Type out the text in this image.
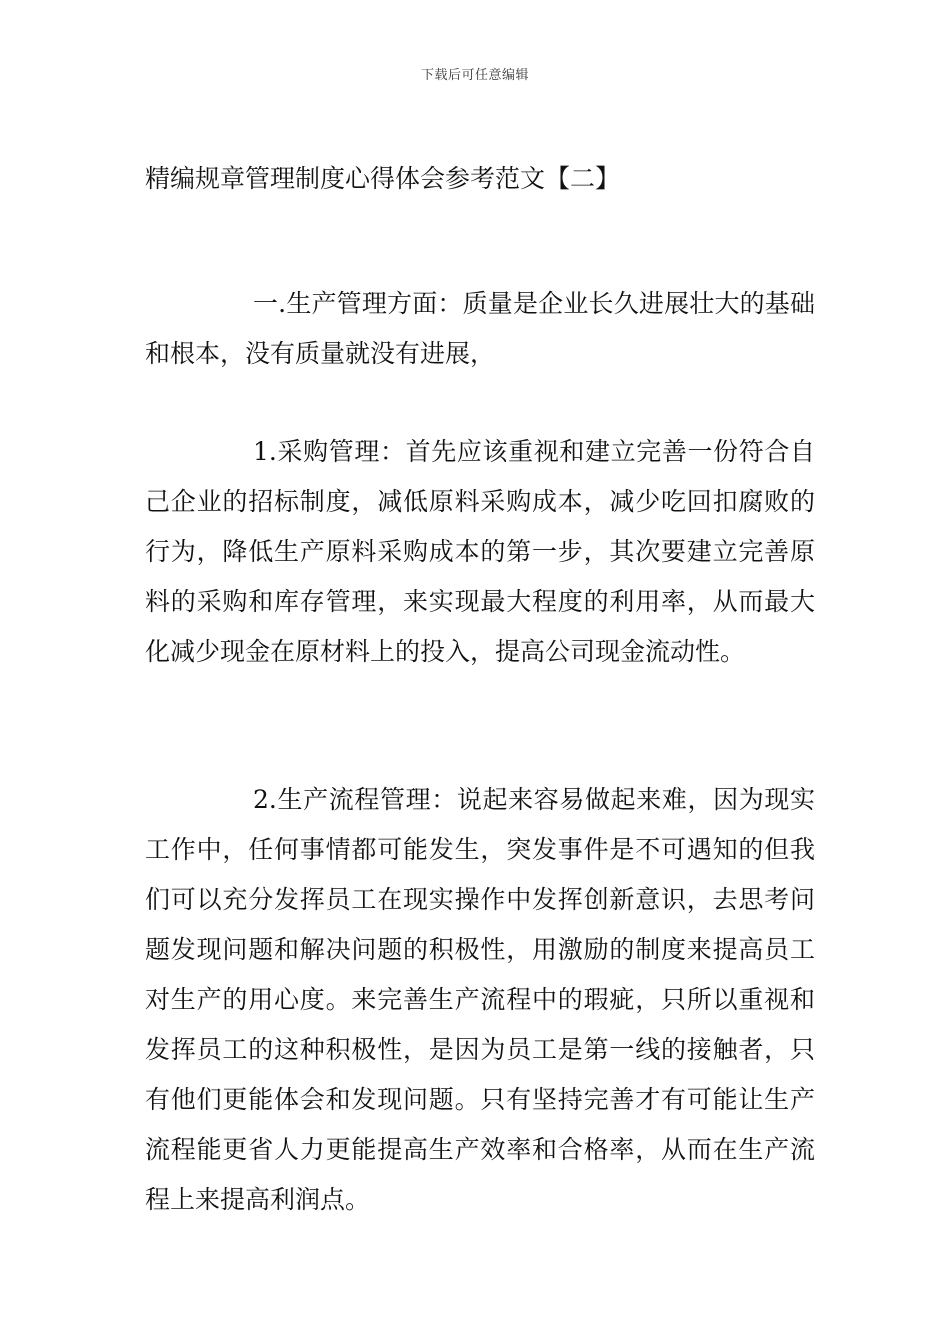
下载后可任意编辑
精编规章管理制度心得体会参考范文【二】

一.生产管理方面：质量是企业长久进展壮大的基础和根本，没有质量就没有进展，

1.采购管理：首先应该重视和建立完善一份符合自己企业的招标制度，减低原料采购成本，减少吃回扣腐败的行为，降低生产原料采购成本的第一步，其次要建立完善原料的采购和库存管理，来实现最大程度的利用率，从而最大化减少现金在原材料上的投入，提高公司现金流动性。

2.生产流程管理：说起来容易做起来难，因为现实工作中，任何事情都可能发生，突发事件是不可遇知的但我们可以充分发挥员工在现实操作中发挥创新意识，去思考问题发现问题和解决问题的积极性，用激励的制度来提高员工对生产的用心度。来完善生产流程中的瑕疵，只所以重视和发挥员工的这种积极性，是因为员工是第一线的接触者，只有他们更能体会和发现问题。只有坚持完善才有可能让生产流程能更省人力更能提高生产效率和合格率，从而在生产流程上来提高利润点。
